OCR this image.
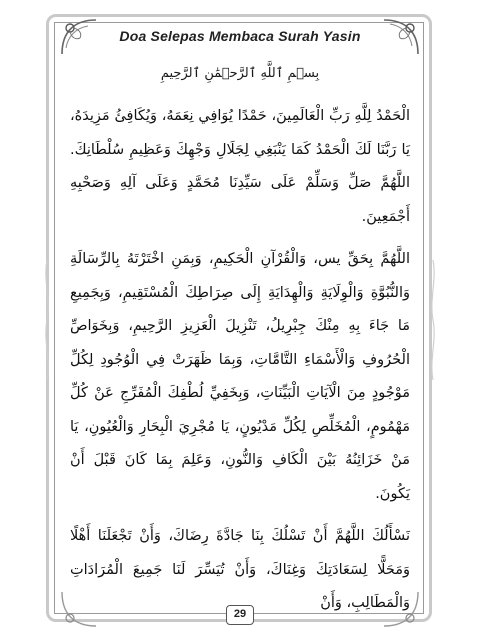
Doa Selepas Membaca Surah Yasin
بِسۡمِ ٱللَّهِ ٱلرَّحۡمَٰنِ ٱلرَّحِيمِ

الْحَمْدُ لِلَّهِ رَبِّ الْعَالَمِينَ، حَمْدًا يُوَافِي نِعَمَهُ، وَيُكَافِئُ مَزِيدَهُ، يَا رَبَّنَا لَكَ الْحَمْدُ كَمَا يَنْبَغِي لِجَلَالِ وَجْهِكَ وَعَظِيمِ سُلْطَانِكَ. اللَّهُمَّ صَلِّ وَسَلِّمْ عَلَى سَيِّدِنَا مُحَمَّدٍ وَعَلَى آلِهِ وَصَحْبِهِ أَجْمَعِينَ.

اللَّهُمَّ بِحَقِّ يس، وَالْقُرْآنِ الْحَكِيمِ، وَبِمَنِ اخْتَرْتَهُ بِالرِّسَالَةِ وَالنُّبُوَّةِ وَالْوِلَايَةِ وَالْهِدَايَةِ إِلَى صِرَاطِكَ الْمُسْتَقِيمِ، وَبِجَمِيعِ مَا جَاءَ بِهِ مِنْكَ جِبْرِيلُ، تَنْزِيلَ الْعَزِيزِ الرَّحِيمِ، وَبِخَوَاصِّ الْحُرُوفِ وَالْأَسْمَاءِ التَّامَّاتِ، وَبِمَا ظَهَرَتْ فِي الْوُجُودِ لِكُلِّ مَوْجُودٍ مِنَ الْآيَاتِ الْبَيِّنَاتِ، وَبِخَفِيِّ لُطْفِكَ الْمُفَرِّجِ عَنْ كُلِّ مَهْمُومٍ، الْمُخَلِّصِ لِكُلِّ مَدْيُونٍ، يَا مُجْرِيَ الْبِحَارِ وَالْعُيُونِ، يَا مَنْ خَزَائِنُهُ بَيْنَ الْكَافِ وَالنُّونِ، وَعَلِمَ بِمَا كَانَ قَبْلَ أَنْ يَكُونَ.

نَسْأَلُكَ اللَّهُمَّ أَنْ تَسْلُكَ بِنَا جَادَّةَ رِضَاكَ، وَأَنْ تَجْعَلَنَا أَهْلًا وَمَحَلًّا لِسَعَادَتِكَ وَغِنَاكَ، وَأَنْ تُيَسِّرَ لَنَا جَمِيعَ الْمُرَادَاتِ وَالْمَطَالِبِ، وَأَنْ

29
